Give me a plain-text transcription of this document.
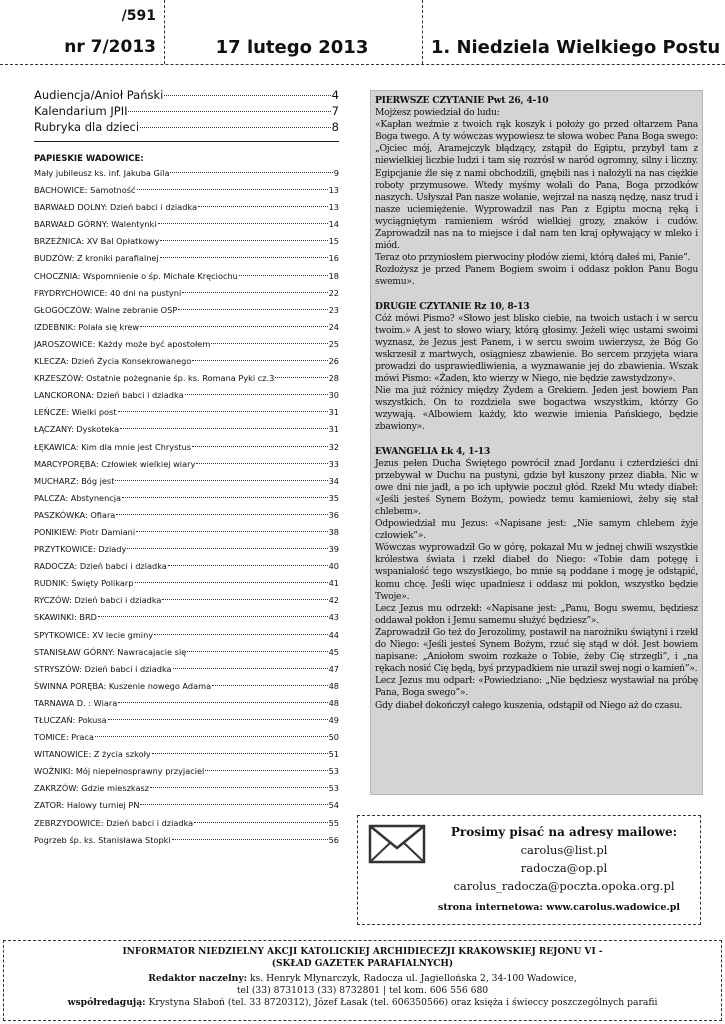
/591
nr 7/2013	17 lutego 2013	1. Niedziela Wielkiego Postu
Audiencja/Anioł Pański	4
Kalendarium JPII	7
Rubryka dla dzieci	8
PAPIESKIE WADOWICE:
Mały jubileusz ks. inf. Jakuba Gila	9
BACHOWICE: Samotność	13
BARWAŁD DOLNY: Dzień babci i dziadka	13
BARWAŁD GÓRNY: Walentynki	14
BRZEŹNICA: XV Bal Opłatkowy	15
BUDZÓW: Z kroniki parafialnej	16
CHOCZNIA: Wspomnienie o śp. Michale Kręciochu	18
FRYDRYCHOWICE: 40 dni na pustyni	22
GŁOGOCZÓW: Walne zebranie OSP	23
IZDEBNIK: Polała się krew	24
JAROSZOWICE: Każdy może być apostołem	25
KLECZA: Dzień Życia Konsekrowanego	26
KRZESZÓW: Ostatnie pożegnanie śp. ks. Romana Pyki cz.3	28
LANCKORONA: Dzień babci i dziadka	30
LEŃCZE: Wielki post	31
ŁĄCZANY: Dyskoteka	31
ŁĘKAWICA: Kim dla mnie jest Chrystus	32
MARCYPORĘBA: Człowiek wielkiej wiary	33
MUCHARZ: Bóg jest	34
PALCZA: Abstynencja	35
PASZKÓWKA: Ofiara	36
PONIKIEW: Piotr Damiani	38
PRZYTKOWICE: Dziady	39
RADOCZA: Dzień babci i dziadka	40
RUDNIK: Święty Polikarp	41
RYCZÓW: Dzień babci i dziadka	42
SKAWINKI: BRD	43
SPYTKOWICE: XV lecie gminy	44
STANISŁAW GÓRNY: Nawracajacie się	45
STRYSZÓW: Dzień babci i dziadka	47
ŚWINNA PORĘBA: Kuszenie nowego Adama	48
TARNAWA D. : Wiara	48
TŁUCZAŃ: Pokusa	49
TOMICE: Praca	50
WITANOWICE: Z życia szkoły	51
WOŹNIKI: Mój niepełnosprawny przyjaciel	53
ZAKRZÓW: Gdzie mieszkasz	53
ZATOR: Halowy turniej PN	54
ZEBRZYDOWICE: Dzień babci i dziadka	55
Pogrzeb śp. ks. Stanisława Stopki	56

PIERWSZE CZYTANIE Pwt 26, 4-10

Mojżesz powiedział do ludu:

«Kapłan weźmie z twoich rąk koszyk i położy go przed ołtarzem Pana Boga twego. A ty wówczas wypowiesz te słowa wobec Pana Boga swego: „Ojciec mój, Aramejczyk błądzący, zstąpił do Egiptu, przybył tam z niewielkiej liczbie ludzi i tam się rozrósł w naród ogromny, silny i liczny. Egipcjanie źle się z nami obchodzili, gnębili nas i nałożyli na nas ciężkie roboty przymusowe. Wtedy myśmy wołali do Pana, Boga przodków naszych. Usłyszał Pan nasze wołanie, wejrzał na naszą nędzę, nasz trud i nasze uciemiężenie. Wyprowadził nas Pan z Egiptu mocną ręką i wyciągniętym ramieniem wśród wielkiej grozy, znaków i cudów. Zaprowadził nas na to miejsce i dał nam ten kraj opływający w mleko i miód.

Teraz oto przyniosłem pierwociny płodów ziemi, którą dałeś mi, Panie”.

Rozłożysz je przed Panem Bogiem swoim i oddasz pokłon Panu Bogu swemu».

DRUGIE CZYTANIE Rz 10, 8-13

Cóż mówi Pismo? «Słowo jest blisko ciebie, na twoich ustach i w sercu twoim.» A jest to słowo wiary, którą głosimy. Jeżeli więc ustami swoimi wyznasz, że Jezus jest Panem, i w sercu swoim uwierzysz, że Bóg Go wskrzesił z martwych, osiągniesz zbawienie. Bo sercem przyjęta wiara prowadzi do usprawiedliwienia, a wyznawanie jej do zbawienia. Wszak mówi Pismo: «Żaden, kto wierzy w Niego, nie będzie zawstydzony».

Nie ma już różnicy między Żydem a Grekiem. Jeden jest bowiem Pan wszystkich. On to rozdziela swe bogactwa wszystkim, którzy Go wzywają. «Albowiem każdy, kto wezwie imienia Pańskiego, będzie zbawiony».

EWANGELIA Łk 4, 1-13

Jezus pełen Ducha Świętego powrócił znad Jordanu i czterdzieści dni przebywał w Duchu na pustyni, gdzie był kuszony przez diabła. Nic w owe dni nie jadł, a po ich upływie poczuł głód. Rzekł Mu wtedy diabeł: «Jeśli jesteś Synem Bożym, powiedz temu kamieniowi, żeby się stał chlebem».

Odpowiedział mu Jezus: «Napisane jest: „Nie samym chlebem żyje człowiek”».

Wówczas wyprowadził Go w górę, pokazał Mu w jednej chwili wszystkie królestwa świata i rzekł diabeł do Niego: «Tobie dam potęgę i wspaniałość tego wszystkiego, bo mnie są poddane i mogę je odstąpić, komu chcę. Jeśli więc upadniesz i oddasz mi pokłon, wszystko będzie Twoje».

Lecz Jezus mu odrzekł: «Napisane jest: „Panu, Bogu swemu, będziesz oddawał pokłon i Jemu samemu służyć będziesz”».

Zaprowadził Go też do Jerozolimy, postawił na narożniku świątyni i rzekł do Niego: «Jeśli jesteś Synem Bożym, rzuć się stąd w dół. Jest bowiem napisane: „Aniołom swoim rozkaże o Tobie, żeby Cię strzegli”, i „na rękach nosić Cię będą, byś przypadkiem nie uraził swej nogi o kamień”».

Lecz Jezus mu odparł: «Powiedziano: „Nie będziesz wystawiał na próbę Pana, Boga swego”».

Gdy diabeł dokończył całego kuszenia, odstąpił od Niego aż do czasu.

Prosimy pisać na adresy mailowe:
carolus@list.pl
radocza@op.pl
carolus_radocza@poczta.opoka.org.pl
strona internetowa: www.carolus.wadowice.pl
INFORMATOR NIEDZIELNY AKCJI KATOLICKIEJ ARCHIDIECEZJI KRAKOWSKIEJ REJONU VI -
(SKŁAD GAZETEK PARAFIALNYCH)
Redaktor naczelny: ks. Henryk Młynarczyk, Radocza ul. Jagiellońska 2, 34-100 Wadowice,
tel (33) 8731013 (33) 8732801 | tel kom. 606 556 680
współredagują: Krystyna Słaboń (tel. 33 8720312), Józef Łasak (tel. 606350566) oraz księża i świeccy poszczególnych parafii
